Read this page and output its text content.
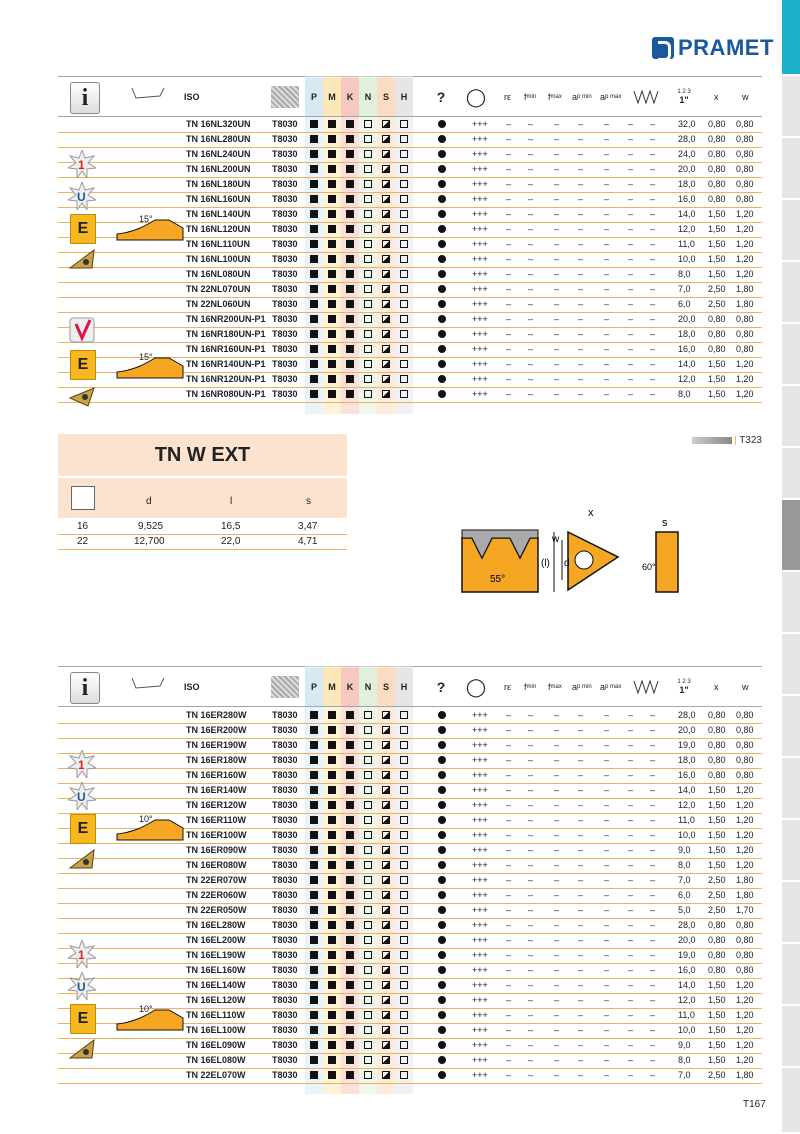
PRAMET
i	ISO	P	M	K	N	S	H	? ◯ rε f min f max a p min a p max
1 2 3
1"	x	w
TN 16NL320UN T8030	+++ – – – – – – –	32,0 0,80 0,80
TN 16NL280UN T8030	+++ – – – – – – –	28,0 0,80 0,80
TN 16NL240UN T8030	+++ – – – – – – –	24,0 0,80 0,80
TN 16NL200UN T8030	+++ – – – – – – –	20,0 0,80 0,80
TN 16NL180UN T8030	+++ – – – – – – –	18,0 0,80 0,80
TN 16NL160UN T8030	+++ – – – – – – –	16,0 0,80 0,80
TN 16NL140UN T8030	+++ – – – – – – –	14,0 1,50 1,20
TN 16NL120UN T8030	+++ – – – – – – –	12,0 1,50 1,20
TN 16NL110UN T8030	+++ – – – – – – –	11,0 1,50 1,20
TN 16NL100UN T8030	+++ – – – – – – –	10,0 1,50 1,20
TN 16NL080UN T8030	+++ – – – – – – –	8,0 1,50 1,20
TN 22NL070UN T8030	+++ – – – – – – –	7,0 2,50 1,80
TN 22NL060UN T8030	+++ – – – – – – –	6,0 2,50 1,80
TN 16NR200UN-P1 T8030	+++ – – – – – – –	20,0 0,80 0,80
TN 16NR180UN-P1 T8030	+++ – – – – – – –	18,0 0,80 0,80
TN 16NR160UN-P1 T8030	+++ – – – – – – –	16,0 0,80 0,80
TN 16NR140UN-P1 T8030	+++ – – – – – – –	14,0 1,50 1,20
TN 16NR120UN-P1 T8030	+++ – – – – – – –	12,0 1,50 1,20
TN 16NR080UN-P1 T8030	+++ – – – – – – –	8,0 1,50 1,20
1
U
E
15°
E	15°
TN W EXT
d	l	s
16	9,525	16,5	3,47
22	12,700	22,0	4,71
| T323
55°
(l) d
w
x
60°
s
i	ISO	P	M	K	N	S	H	? ◯ rε f min f max a p min a p max
1 2 3
1"	x	w
TN 16ER280W	T8030	+++ – – – – – – –	28,0 0,80 0,80
TN 16ER200W	T8030	+++ – – – – – – –	20,0 0,80 0,80
TN 16ER190W	T8030	+++ – – – – – – –	19,0 0,80 0,80
TN 16ER180W	T8030	+++ – – – – – – –	18,0 0,80 0,80
TN 16ER160W	T8030	+++ – – – – – – –	16,0 0,80 0,80
TN 16ER140W	T8030	+++ – – – – – – –	14,0 1,50 1,20
TN 16ER120W	T8030	+++ – – – – – – –	12,0 1,50 1,20
TN 16ER110W	T8030	+++ – – – – – – –	11,0 1,50 1,20
TN 16ER100W	T8030	+++ – – – – – – –	10,0 1,50 1,20
TN 16ER090W	T8030	+++ – – – – – – –	9,0 1,50 1,20
TN 16ER080W	T8030	+++ – – – – – – –	8,0 1,50 1,20
TN 22ER070W	T8030	+++ – – – – – – –	7,0 2,50 1,80
TN 22ER060W	T8030	+++ – – – – – – –	6,0 2,50 1,80
TN 22ER050W	T8030	+++ – – – – – – –	5,0 2,50 1,70
TN 16EL280W	T8030	+++ – – – – – – –	28,0 0,80 0,80
TN 16EL200W	T8030	+++ – – – – – – –	20,0 0,80 0,80
TN 16EL190W	T8030	+++ – – – – – – –	19,0 0,80 0,80
TN 16EL160W	T8030	+++ – – – – – – –	16,0 0,80 0,80
TN 16EL140W	T8030	+++ – – – – – – –	14,0 1,50 1,20
TN 16EL120W	T8030	+++ – – – – – – –	12,0 1,50 1,20
TN 16EL110W	T8030	+++ – – – – – – –	11,0 1,50 1,20
TN 16EL100W	T8030	+++ – – – – – – –	10,0 1,50 1,20
TN 16EL090W	T8030	+++ – – – – – – –	9,0 1,50 1,20
TN 16EL080W	T8030	+++ – – – – – – –	8,0 1,50 1,20
TN 22EL070W	T8030	+++ – – – – – – –	7,0 2,50 1,80
1
U
E
10°
1
U
E
10°
T167
